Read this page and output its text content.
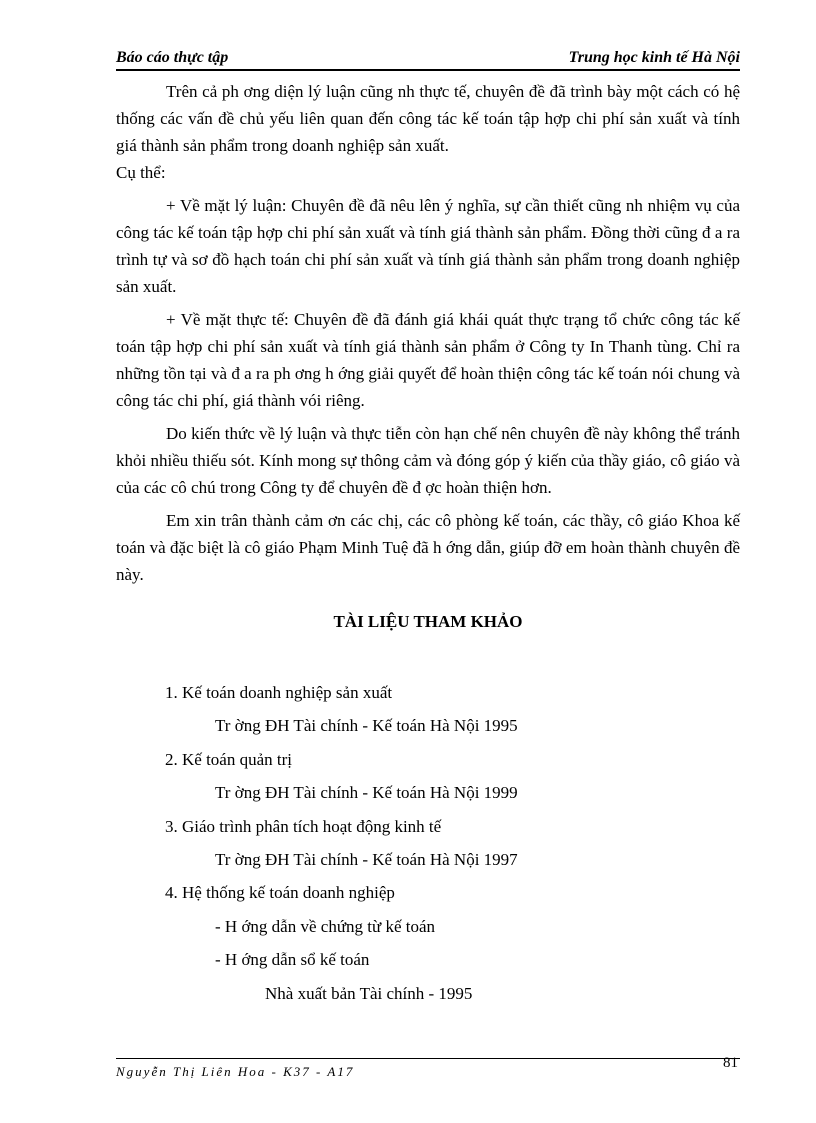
Báo cáo thực tập	Trung học kinh tế Hà Nội

Trên cả ph ơng diện lý luận cũng nh thực tế, chuyên đề đã trình bày một cách có hệ thống các vấn đề chủ yếu liên quan đến công tác kế toán tập hợp chi phí sản xuất và tính giá thành sản phẩm trong doanh nghiệp sản xuất.

Cụ thể:

+ Về mặt lý luận: Chuyên đề đã nêu lên ý nghĩa, sự cần thiết cũng nh nhiệm vụ của công tác kế toán tập hợp chi phí sản xuất và tính giá thành sản phẩm. Đồng thời cũng đ a ra trình tự và sơ đồ hạch toán chi phí sản xuất và tính giá thành sản phẩm trong doanh nghiệp sản xuất.

+ Về mặt thực tế: Chuyên đề đã đánh giá khái quát thực trạng tổ chức công tác kế toán tập hợp chi phí sản xuất và tính giá thành sản phẩm ở Công ty In Thanh tùng. Chỉ ra những tồn tại và đ a ra ph ơng h ớng giải quyết để hoàn thiện công tác kế toán nói chung và công tác chi phí, giá thành vói riêng.

Do kiến thức về lý luận và thực tiễn còn hạn chế nên chuyên đề này không thể tránh khỏi nhiều thiếu sót. Kính mong sự thông cảm và đóng góp ý kiến của thầy giáo, cô giáo và của các cô chú trong Công ty để chuyên đề đ ợc hoàn thiện hơn.

Em xin trân thành cảm ơn các chị, các cô phòng kế toán, các thầy, cô giáo Khoa kế toán và đặc biệt là cô giáo Phạm Minh Tuệ đã h ớng dẫn, giúp đỡ em hoàn thành chuyên đề này.

TÀI LIỆU THAM KHẢO
1. Kế toán doanh nghiệp sản xuất
Tr ờng ĐH Tài chính - Kế toán Hà Nội 1995
2. Kế toán quản trị
Tr ờng ĐH Tài chính - Kế toán Hà Nội 1999
3. Giáo trình phân tích hoạt động kinh tế
Tr ờng ĐH Tài chính - Kế toán Hà Nội 1997
4. Hệ thống kế toán doanh nghiệp
- H ớng dẫn về chứng từ kế toán
- H ớng dẫn sổ kế toán
Nhà xuất bản Tài chính - 1995
Nguyễn Thị Liên Hoa - K37 - A17
81
